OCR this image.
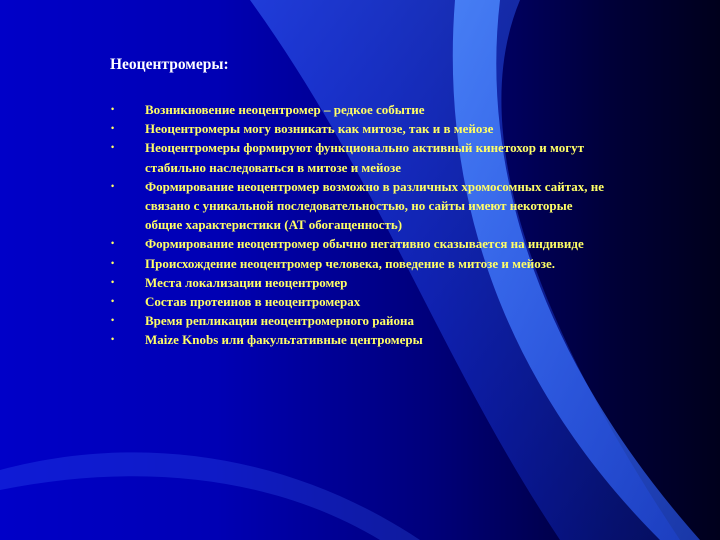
Неоцентромеры:
• Возникновение неоцентромер – редкое событие
• Неоцентромеры могу возникать как митозе, так и в мейозе
• Неоцентромеры формируют функционально активный кинетохор и могут стабильно наследоваться в митозе и мейозе
• Формирование неоцентромер возможно в различных хромосомных сайтах, не связано с уникальной последовательностью, но сайты имеют некоторые общие характеристики (AT обогащенность)
• Формирование неоцентромер обычно негативно сказывается на индивиде
• Происхождение неоцентромер человека, поведение в митозе и мейозе.
• Места локализации неоцентромер
• Состав протеинов в неоцентромерах
• Время репликации неоцентромерного района
• Maize Knobs или факультативные центромеры
